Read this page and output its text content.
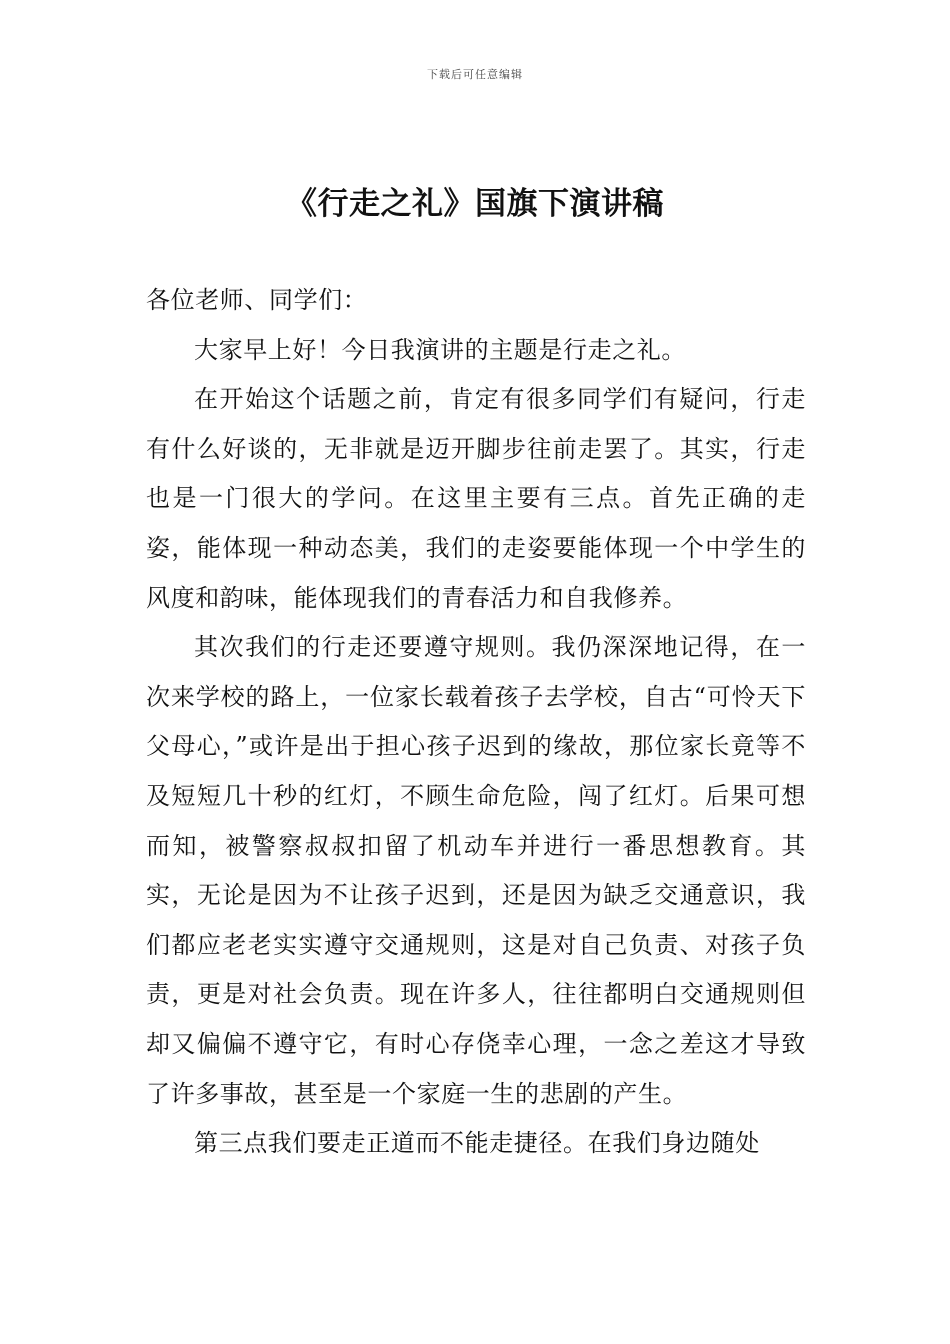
下载后可任意编辑
《行走之礼》国旗下演讲稿

各位老师、同学们：

大家早上好！今日我演讲的主题是行走之礼。

在开始这个话题之前，肯定有很多同学们有疑问，行走有什么好谈的，无非就是迈开脚步往前走罢了。其实，行走也是一门很大的学问。在这里主要有三点。首先正确的走姿，能体现一种动态美，我们的走姿要能体现一个中学生的风度和韵味，能体现我们的青春活力和自我修养。

其次我们的行走还要遵守规则。我仍深深地记得，在一次来学校的路上，一位家长载着孩子去学校，自古“可怜天下父母心，”或许是出于担心孩子迟到的缘故，那位家长竟等不及短短几十秒的红灯，不顾生命危险，闯了红灯。后果可想而知，被警察叔叔扣留了机动车并进行一番思想教育。其实，无论是因为不让孩子迟到，还是因为缺乏交通意识，我们都应老老实实遵守交通规则，这是对自己负责、对孩子负责，更是对社会负责。现在许多人，往往都明白交通规则但却又偏偏不遵守它，有时心存侥幸心理，一念之差这才导致了许多事故，甚至是一个家庭一生的悲剧的产生。

第三点我们要走正道而不能走捷径。在我们身边随处
